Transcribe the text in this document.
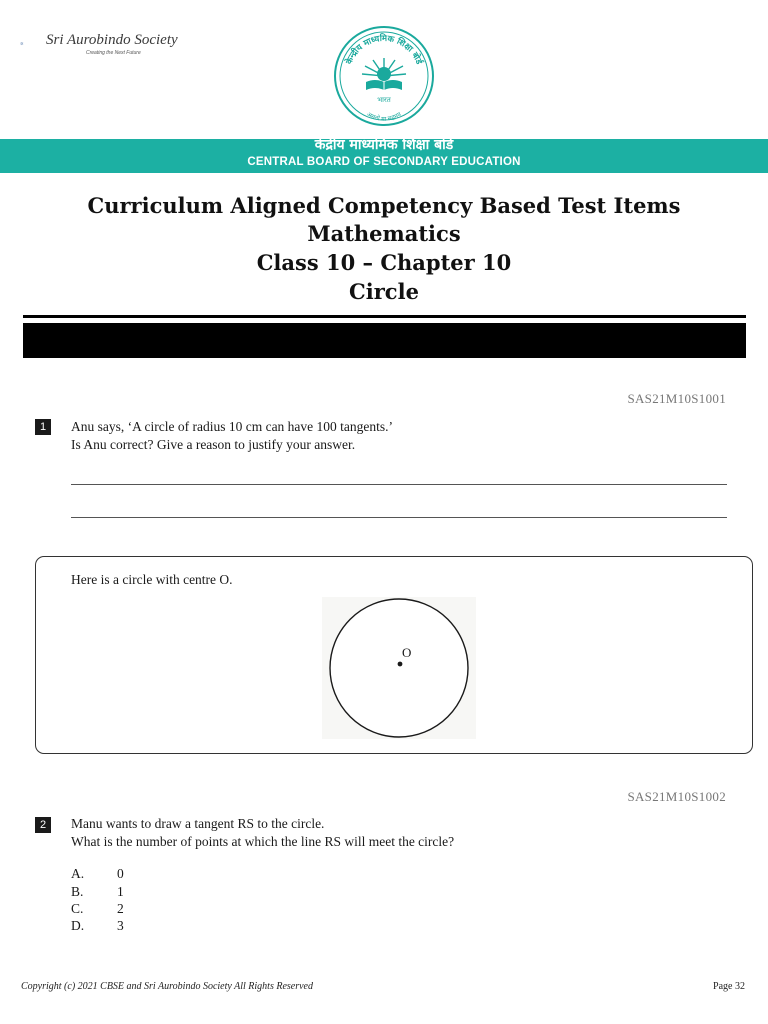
Sri Aurobindo Society
Creating the Next Future
केन्द्रीय माध्यमिक शिक्षा बोर्ड
भारत
असतो मा सद्गमय
केंद्रीय माध्यमिक शिक्षा बोर्ड
CENTRAL BOARD OF SECONDARY EDUCATION
Curriculum Aligned Competency Based Test Items
Mathematics
Class 10 – Chapter 10
Circle
SAS21M10S1001
1	Anu says, ‘A circle of radius 10 cm can have 100 tangents.’
Is Anu correct? Give a reason to justify your answer.
Here is a circle with centre O.
O
SAS21M10S1002
2	Manu wants to draw a tangent RS to the circle.
What is the number of points at which the line RS will meet the circle?
A. 0
B. 1
C. 2
D. 3
Copyright (c) 2021 CBSE and Sri Aurobindo Society All Rights Reserved	Page 32
